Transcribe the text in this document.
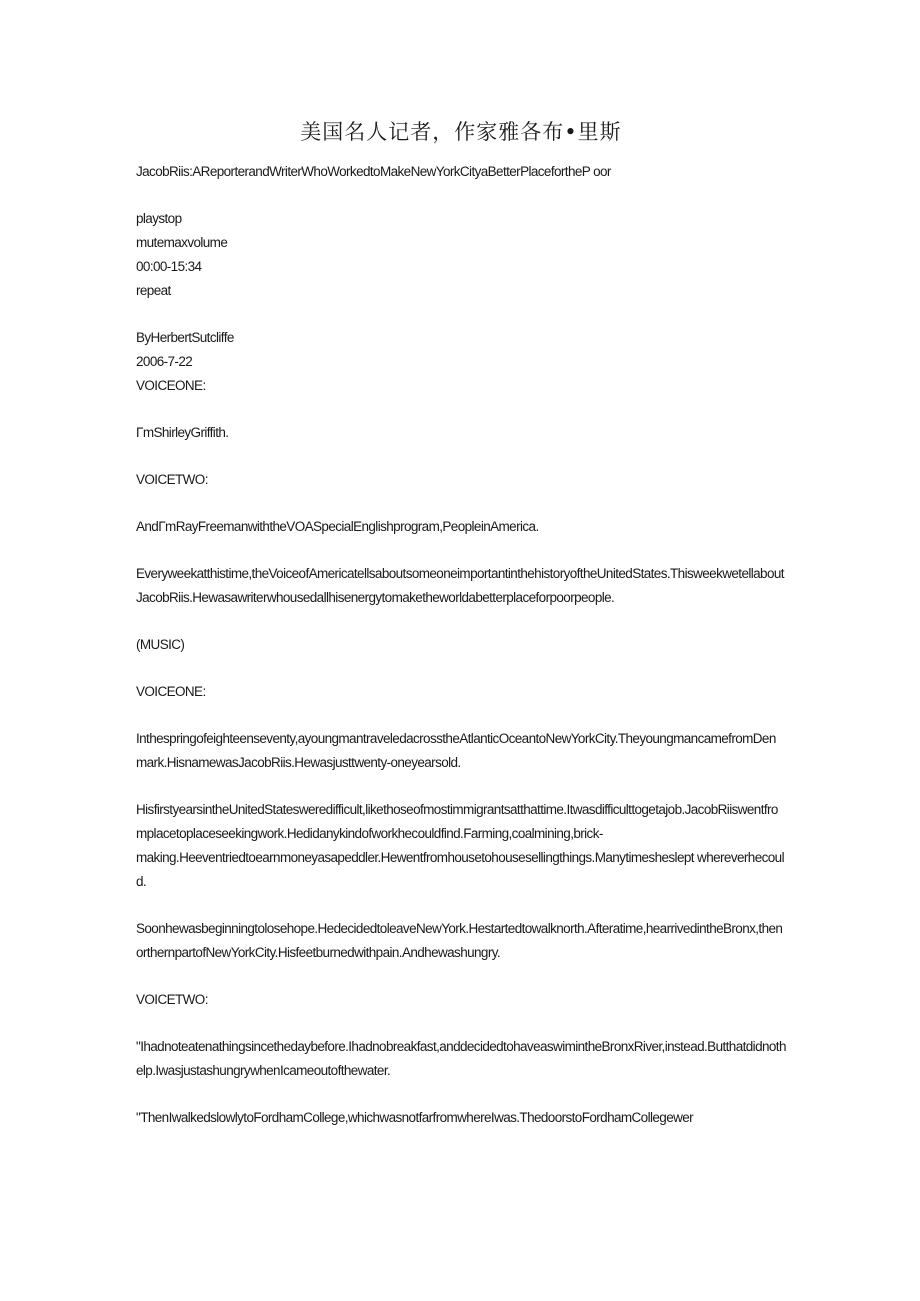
美国名人记者，作家雅各布•里斯
JacobRiis:AReporterandWriterWhoWorkedtoMakeNewYorkCityaBetterPlacefortheP oor
playstop
mutemaxvolume
00:00-15:34
repeat
ByHerbertSutcliffe
2006-7-22
VOICEONE:

ΓmShirleyGriffith.

VOICETWO:

AndΓmRayFreemanwiththeVOASpecialEnglishprogram,PeopleinAmerica.

Everyweekatthistime,theVoiceofAmericatellsaboutsomeoneimportantinthehistoryoftheUnitedStates.ThisweekwetellaboutJacobRiis.Hewasawriterwhousedallhisenergytomaketheworldabetterplaceforpoorpeople.

(MUSIC)

VOICEONE:

Inthespringofeighteenseventy,ayoungmantraveledacrosstheAtlanticOceantoNewYorkCity.TheyoungmancamefromDenmark.HisnamewasJacobRiis.Hewasjusttwenty-oneyearsold.

HisfirstyearsintheUnitedStatesweredifficult,likethoseofmostimmigrantsatthattime.Itwasdifficulttogetajob.JacobRiiswentfromplacetoplaceseekingwork.Hedidanykindofworkhecouldfind.Farming,coalmining,brick-
making.Heeventriedtoearnmoneyasapeddler.Hewentfromhousetohousesellingthings.Manytimesheslept whereverhecould.

Soonhewasbeginningtolosehope.HedecidedtoleaveNewYork.Hestartedtowalknorth.Afteratime,hearrivedintheBronx,thenorthernpartofNewYorkCity.Hisfeetburnedwithpain.Andhewashungry.

VOICETWO:

"Ihadnoteatenathingsincethedaybefore.Ihadnobreakfast,anddecidedtohaveaswimintheBronxRiver,instead.Butthatdidnothelp.IwasjustashungrywhenIcameoutofthewater.

"ThenIwalkedslowlytoFordhamCollege,whichwasnotfarfromwhereIwas.ThedoorstoFordhamCollegewer
